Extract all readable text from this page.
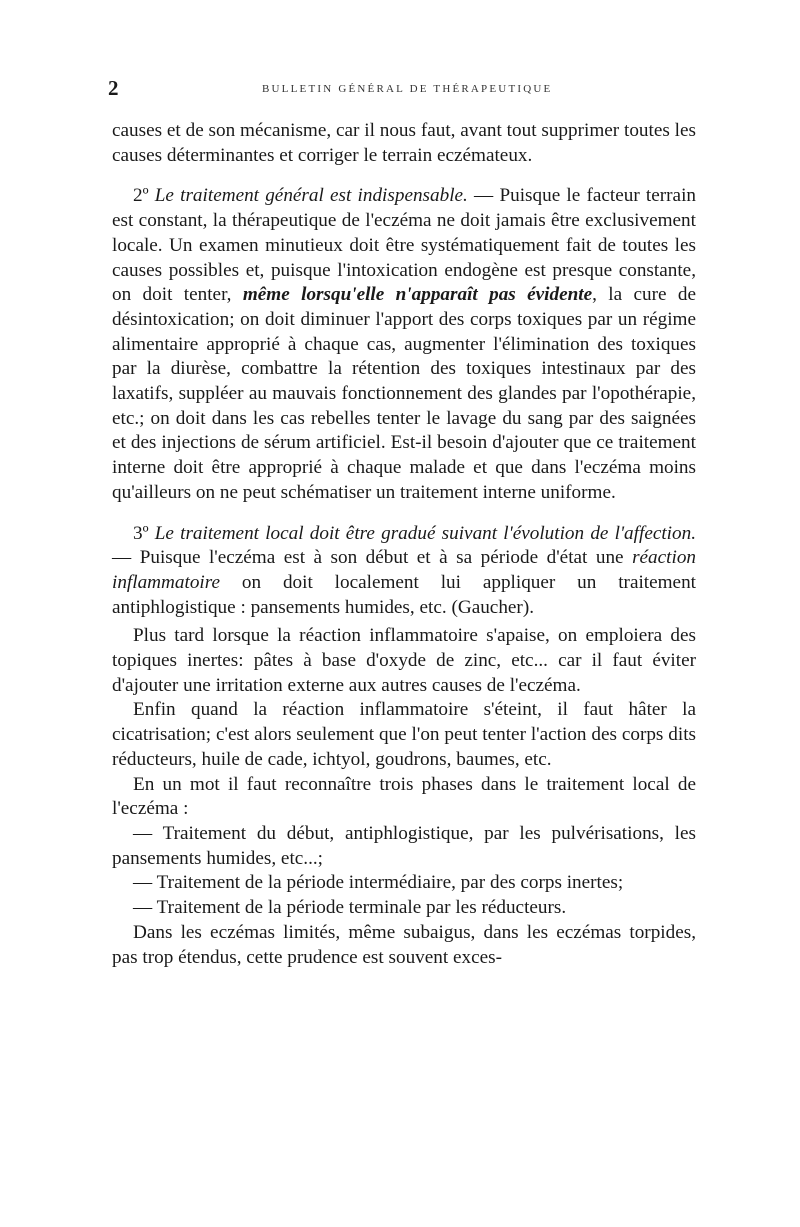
2	BULLETIN GÉNÉRAL DE THÉRAPEUTIQUE

causes et de son mécanisme, car il nous faut, avant tout supprimer toutes les causes déterminantes et corriger le terrain eczémateux.

2º Le traitement général est indispensable. — Puisque le facteur terrain est constant, la thérapeutique de l'eczéma ne doit jamais être exclusivement locale. Un examen minutieux doit être systématiquement fait de toutes les causes possibles et, puisque l'intoxication endogène est presque constante, on doit tenter, même lorsqu'elle n'apparaît pas évidente, la cure de désintoxication; on doit diminuer l'apport des corps toxiques par un régime alimentaire approprié à chaque cas, augmenter l'élimination des toxiques par la diurèse, combattre la rétention des toxiques intestinaux par des laxatifs, suppléer au mauvais fonctionnement des glandes par l'opothérapie, etc.; on doit dans les cas rebelles tenter le lavage du sang par des saignées et des injections de sérum artificiel. Est-il besoin d'ajouter que ce traitement interne doit être approprié à chaque malade et que dans l'eczéma moins qu'ailleurs on ne peut schématiser un traitement interne uniforme.

3º Le traitement local doit être gradué suivant l'évolution de l'affection. — Puisque l'eczéma est à son début et à sa période d'état une réaction inflammatoire on doit localement lui appliquer un traitement antiphlogistique : pansements humides, etc. (Gaucher).

Plus tard lorsque la réaction inflammatoire s'apaise, on emploiera des topiques inertes: pâtes à base d'oxyde de zinc, etc... car il faut éviter d'ajouter une irritation externe aux autres causes de l'eczéma.

Enfin quand la réaction inflammatoire s'éteint, il faut hâter la cicatrisation; c'est alors seulement que l'on peut tenter l'action des corps dits réducteurs, huile de cade, ichtyol, goudrons, baumes, etc.

En un mot il faut reconnaître trois phases dans le traitement local de l'eczéma :

— Traitement du début, antiphlogistique, par les pulvérisations, les pansements humides, etc...;

— Traitement de la période intermédiaire, par des corps inertes;

— Traitement de la période terminale par les réducteurs.

Dans les eczémas limités, même subaigus, dans les eczémas torpides, pas trop étendus, cette prudence est souvent exces-
